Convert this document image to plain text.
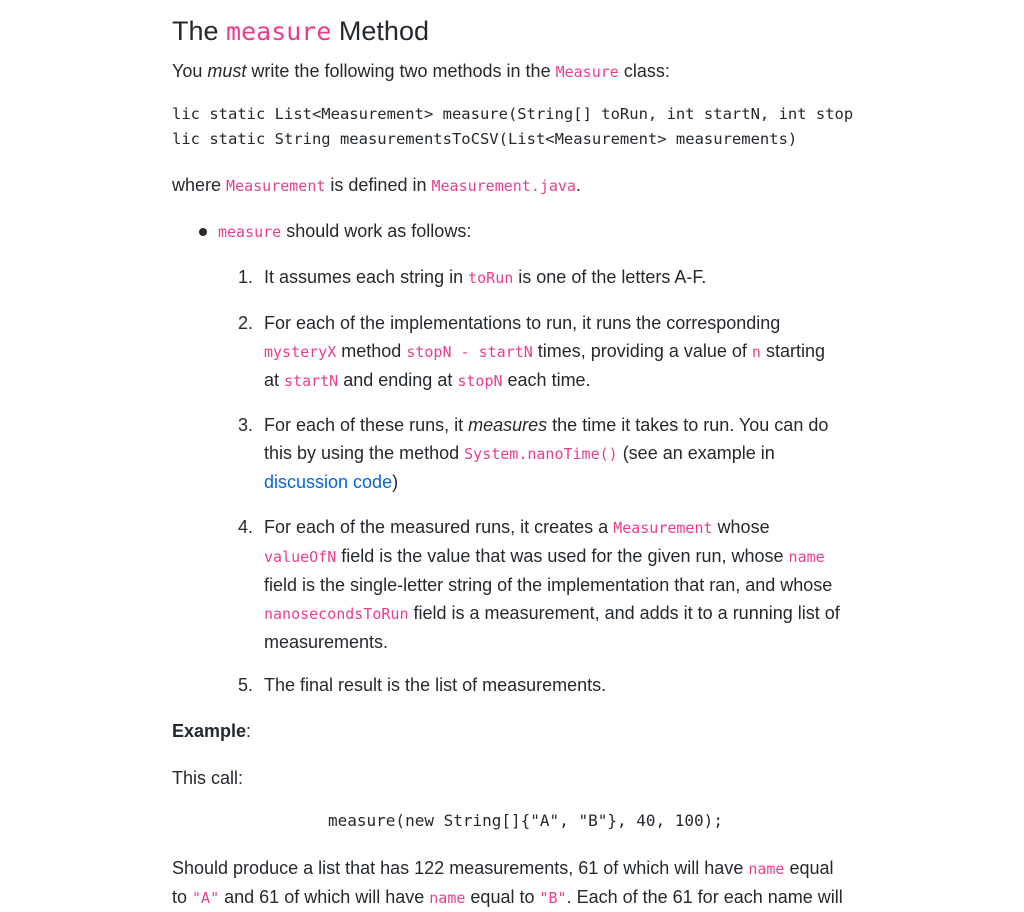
The measure Method

You must write the following two methods in the Measure class:

lic static List<Measurement> measure(String[] toRun, int startN, int stop
lic static String measurementsToCSV(List<Measurement> measurements)

where Measurement is defined in Measurement.java.

measure should work as follows:

1. It assumes each string in toRun is one of the letters A-F.
2. For each of the implementations to run, it runs the corresponding
mysteryX method stopN - startN times, providing a value of n starting
at startN and ending at stopN each time.
3. For each of these runs, it measures the time it takes to run. You can do
this by using the method System.nanoTime() (see an example in
discussion code)
4. For each of the measured runs, it creates a Measurement whose
valueOfN field is the value that was used for the given run, whose name
field is the single-letter string of the implementation that ran, and whose
nanosecondsToRun field is a measurement, and adds it to a running list of
measurements.
5. The final result is the list of measurements.

Example:

This call:

measure(new String[]{"A", "B"}, 40, 100);
Should produce a list that has 122 measurements, 61 of which will have name equal
to "A" and 61 of which will have name equal to "B". Each of the 61 for each name will
